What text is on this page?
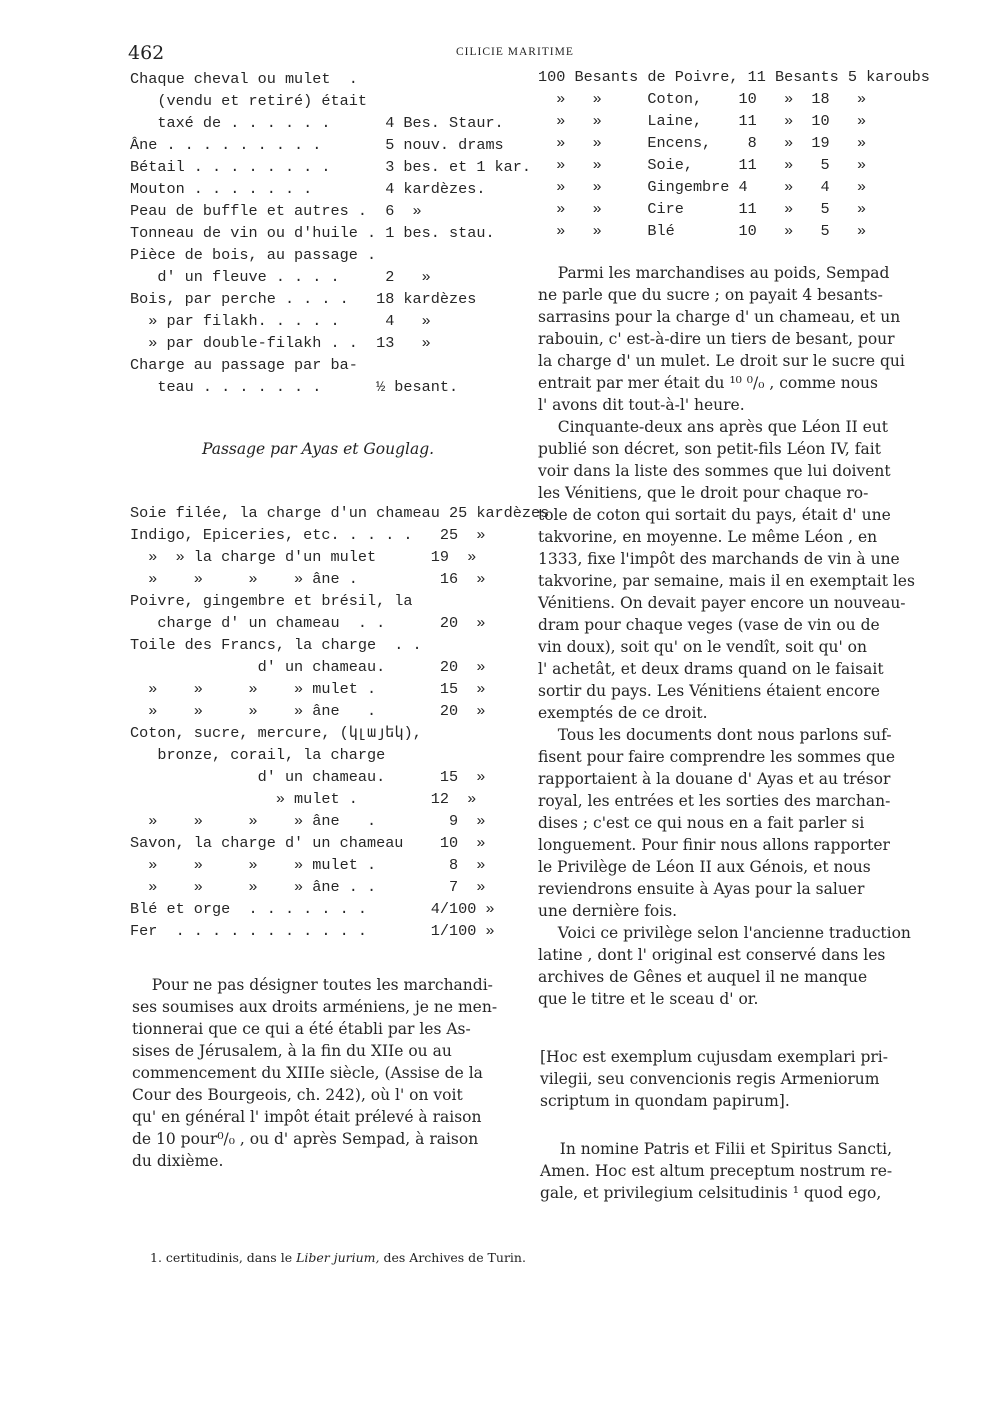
462	CILICIE MARITIME
Chaque cheval ou mulet  .
(vendu et retiré) était
taxé de . . . . . .      4 Bes. Staur.
Âne . . . . . . . . .       5 nouv. drams
Bétail . . . . . . . .      3 bes. et 1 kar.
Mouton . . . . . . .        4 kardèzes.
Peau de buffle et autres .  6  »
Tonneau de vin ou d'huile . 1 bes. stau.
Pièce de bois, au passage .
d' un fleuve . . . .     2   »
Bois, par perche . . . .   18 kardèzes
» par filakh. . . . .     4   »
» par double-filakh . .  13   »
Charge au passage par ba-
teau . . . . . . .      ½ besant.
Passage par Ayas et Gouglag.
Soie filée, la charge d'un chameau 25 kardèzes
Indigo, Epiceries, etc. . . . .   25  »
»  » la charge d'un mulet      19  »
»    »     »    » âne .         16  »
Poivre, gingembre et brésil, la
charge d' un chameau  . .      20  »
Toile des Francs, la charge  . .
d' un chameau.      20  »
»    »     »    » mulet .       15  »
»    »     »    » âne   .       20  »
Coton, sucre, mercure, (կլայեկ),
bronze, corail, la charge
d' un chameau.      15  »
» mulet .        12  »
»    »     »    » âne   .        9  »
Savon, la charge d' un chameau    10  »
»    »     »    » mulet .        8  »
»    »     »    » âne . .        7  »
Blé et orge  . . . . . . .       4/100 »
Fer  . . . . . . . . . . .       1/100 »
Pour ne pas désigner toutes les marchandi-
ses soumises aux droits arméniens, je ne men-
tionnerai que ce qui a été établi par les As-
sises de Jérusalem, à la fin du XIIe ou au
commencement du XIIIe siècle, (Assise de la
Cour des Bourgeois, ch. 242), où l' on voit
qu' en général l' impôt était prélevé à raison
de 10 pour⁰/₀ , ou d' après Sempad, à raison
du dixième.
100 Besants de Poivre, 11 Besants 5 karoubs
»   »     Coton,    10   »  18   »
»   »     Laine,    11   »  10   »
»   »     Encens,    8   »  19   »
»   »     Soie,     11   »   5   »
»   »     Gingembre 4    »   4   »
»   »     Cire      11   »   5   »
»   »     Blé       10   »   5   »
Parmi les marchandises au poids, Sempad
ne parle que du sucre ; on payait 4 besants-
sarrasins pour la charge d' un chameau, et un
rabouin, c' est-à-dire un tiers de besant, pour
la charge d' un mulet. Le droit sur le sucre qui
entrait par mer était du ¹⁰ ⁰/₀ , comme nous
l' avons dit tout-à-l' heure.
Cinquante-deux ans après que Léon II eut
publié son décret, son petit-fils Léon IV, fait
voir dans la liste des sommes que lui doivent
les Vénitiens, que le droit pour chaque ro-
tole de coton qui sortait du pays, était d' une
takvorine, en moyenne. Le même Léon , en
1333, fixe l'impôt des marchands de vin à une
takvorine, par semaine, mais il en exemptait les
Vénitiens. On devait payer encore un nouveau-
dram pour chaque veges (vase de vin ou de
vin doux), soit qu' on le vendît, soit qu' on
l' achetât, et deux drams quand on le faisait
sortir du pays. Les Vénitiens étaient encore
exemptés de ce droit.
Tous les documents dont nous parlons suf-
fisent pour faire comprendre les sommes que
rapportaient à la douane d' Ayas et au trésor
royal, les entrées et les sorties des marchan-
dises ; c'est ce qui nous en a fait parler si
longuement. Pour finir nous allons rapporter
le Privilège de Léon II aux Génois, et nous
reviendrons ensuite à Ayas pour la saluer
une dernière fois.
Voici ce privilège selon l'ancienne traduction
latine , dont l' original est conservé dans les
archives de Gênes et auquel il ne manque
que le titre et le sceau d' or.
[Hoc est exemplum cujusdam exemplari pri-
vilegii, seu convencionis regis Armeniorum
scriptum in quondam papirum].
In nomine Patris et Filii et Spiritus Sancti,
Amen. Hoc est altum preceptum nostrum re-
gale, et privilegium celsitudinis ¹ quod ego,
1. certitudinis, dans le Liber jurium, des Archives de Turin.
